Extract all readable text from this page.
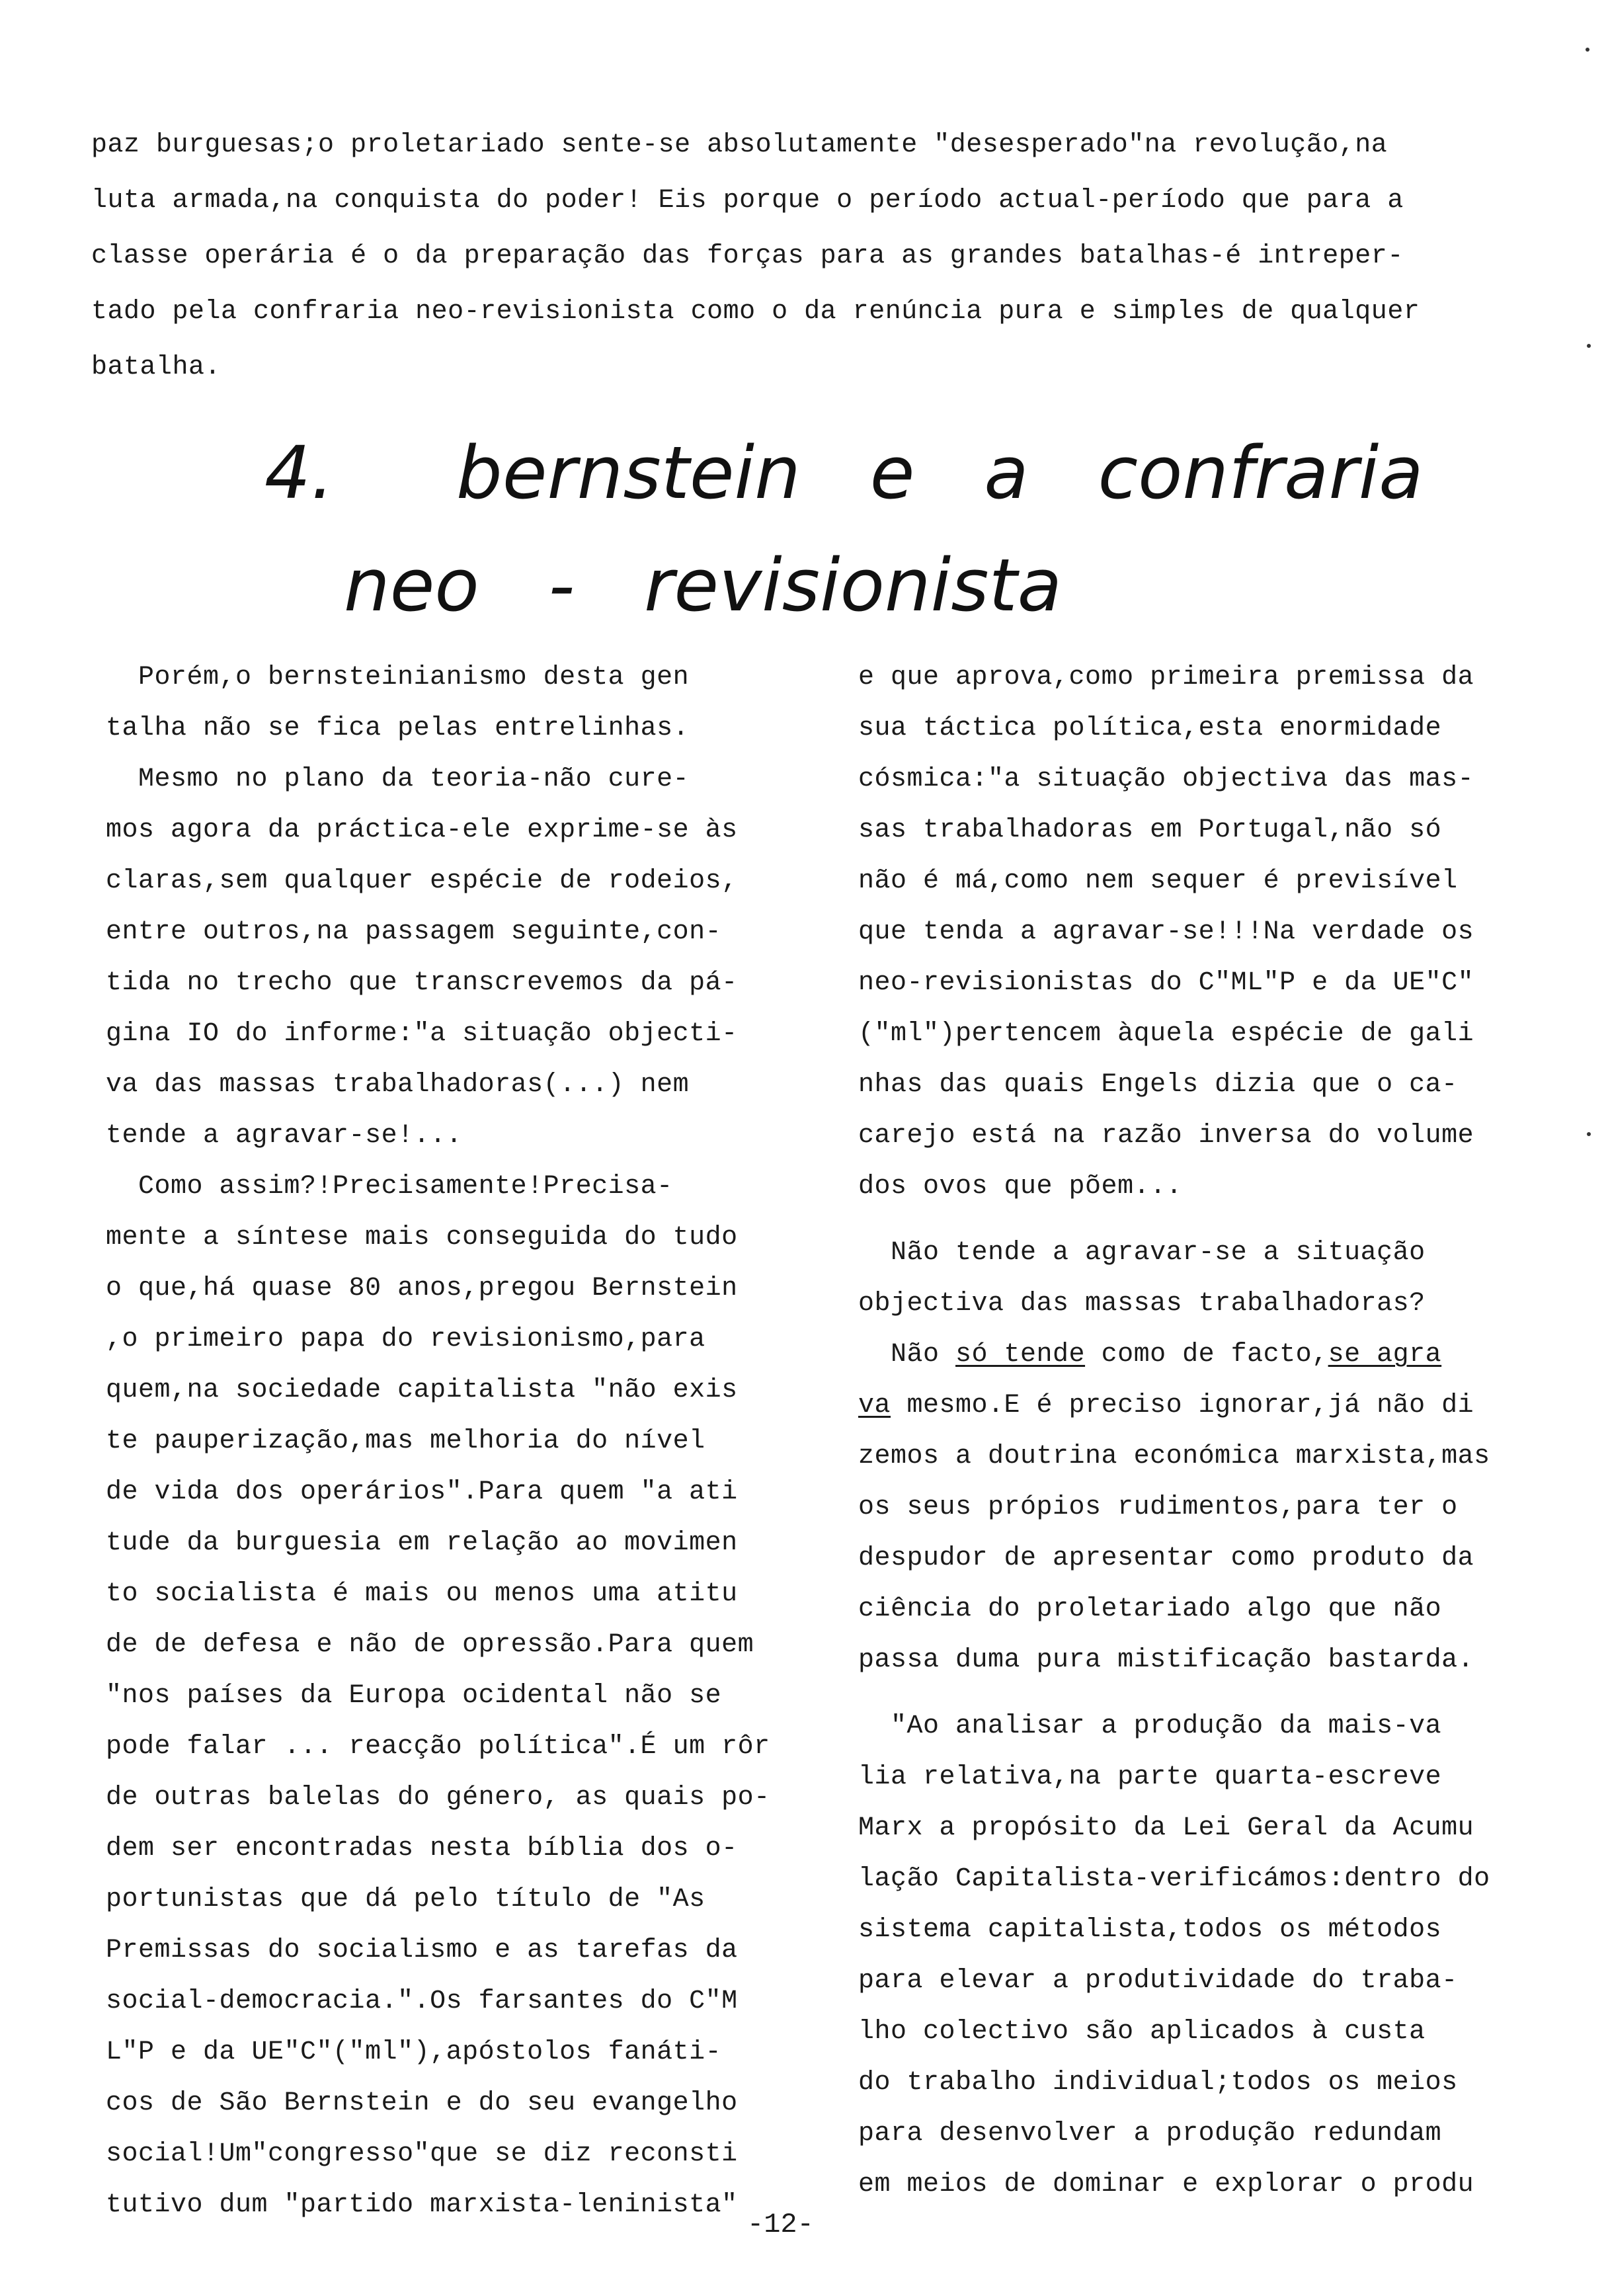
paz burguesas;o proletariado sente-se absolutamente "desesperado"na revolução,na
luta armada,na conquista do poder! Eis porque o período actual-período que para a
classe operária é o da preparação das forças para as grandes batalhas-é intreper-
tado pela confraria neo-revisionista como o da renúncia pura e simples de qualquer
batalha.
4. bernstein   e   a   confraria
neo   -   revisionista
Porém,o bernsteinianismo desta gen
talha não se fica pelas entrelinhas.
Mesmo no plano da teoria-não cure-
mos agora da práctica-ele exprime-se às
claras,sem qualquer espécie de rodeios,
entre outros,na passagem seguinte,con-
tida no trecho que transcrevemos da pá-
gina IO do informe:"a situação objecti-
va das massas trabalhadoras(...) nem
tende a agravar-se!...
Como assim?!Precisamente!Precisa-
mente a síntese mais conseguida do tudo
o que,há quase 80 anos,pregou Bernstein
,o primeiro papa do revisionismo,para
quem,na sociedade capitalista "não exis
te pauperização,mas melhoria do nível
de vida dos operários".Para quem "a ati
tude da burguesia em relação ao movimen
to socialista é mais ou menos uma atitu
de de defesa e não de opressão.Para quem
"nos países da Europa ocidental não se
pode falar ... reacção política".É um rôr
de outras balelas do género, as quais po-
dem ser encontradas nesta bíblia dos o-
portunistas que dá pelo título de "As
Premissas do socialismo e as tarefas da
social-democracia.".Os farsantes do C"M
L"P e da UE"C"("ml"),apóstolos fanáti-
cos de São Bernstein e do seu evangelho
social!Um"congresso"que se diz reconsti
tutivo dum "partido marxista-leninista"
e que aprova,como primeira premissa da
sua táctica política,esta enormidade
cósmica:"a situação objectiva das mas-
sas trabalhadoras em Portugal,não só
não é má,como nem sequer é previsível
que tenda a agravar-se!!!Na verdade os
neo-revisionistas do C"ML"P e da UE"C"
("ml")pertencem àquela espécie de gali
nhas das quais Engels dizia que o ca-
carejo está na razão inversa do volume
dos ovos que põem...
Não tende a agravar-se a situação
objectiva das massas trabalhadoras?
Não só tende como de facto,se agra
va mesmo.E é preciso ignorar,já não di
zemos a doutrina económica marxista,mas
os seus própios rudimentos,para ter o
despudor de apresentar como produto da
ciência do proletariado algo que não
passa duma pura mistificação bastarda.
"Ao analisar a produção da mais-va
lia relativa,na parte quarta-escreve
Marx a propósito da Lei Geral da Acumu
lação Capitalista-verificámos:dentro do
sistema capitalista,todos os métodos
para elevar a produtividade do traba-
lho colectivo são aplicados à custa
do trabalho individual;todos os meios
para desenvolver a produção redundam
em meios de dominar e explorar o produ
-12-
